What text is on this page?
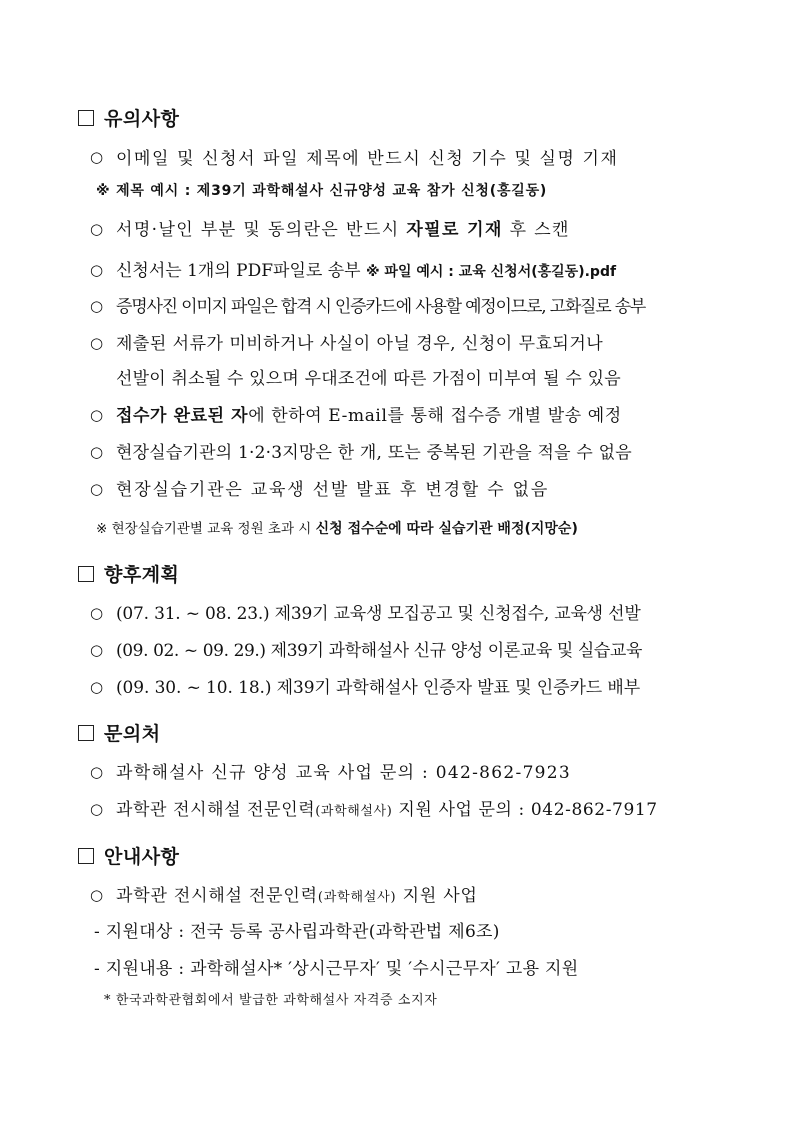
유의사항
○ 이메일 및 신청서 파일 제목에 반드시 신청 기수 및 실명 기재
※ 제목 예시 : 제39기 과학해설사 신규양성 교육 참가 신청(홍길동)
○ 서명·날인 부분 및 동의란은 반드시 자필로 기재 후 스캔
○ 신청서는 1개의 PDF파일로 송부 ※ 파일 예시 : 교육 신청서(홍길동).pdf
○ 증명사진 이미지 파일은 합격 시 인증카드에 사용할 예정이므로, 고화질로 송부
○ 제출된 서류가 미비하거나 사실이 아닐 경우, 신청이 무효되거나
선발이 취소될 수 있으며 우대조건에 따른 가점이 미부여 될 수 있음
○ 접수가 완료된 자에 한하여 E-mail를 통해 접수증 개별 발송 예정
○ 현장실습기관의 1·2·3지망은 한 개, 또는 중복된 기관을 적을 수 없음
○ 현장실습기관은 교육생 선발 발표 후 변경할 수 없음
※ 현장실습기관별 교육 정원 초과 시 신청 접수순에 따라 실습기관 배정(지망순)
향후계획
○ (07. 31. ~ 08. 23.) 제39기 교육생 모집공고 및 신청접수, 교육생 선발
○ (09. 02. ~ 09. 29.) 제39기 과학해설사 신규 양성 이론교육 및 실습교육
○ (09. 30. ~ 10. 18.) 제39기 과학해설사 인증자 발표 및 인증카드 배부
문의처
○ 과학해설사 신규 양성 교육 사업 문의 : 042-862-7923
○ 과학관 전시해설 전문인력(과학해설사) 지원 사업 문의 : 042-862-7917
안내사항
○ 과학관 전시해설 전문인력(과학해설사) 지원 사업
- 지원대상 : 전국 등록 공사립과학관(과학관법 제6조)
- 지원내용 : 과학해설사* ′상시근무자′ 및 ′수시근무자′ 고용 지원
* 한국과학관협회에서 발급한 과학해설사 자격증 소지자
